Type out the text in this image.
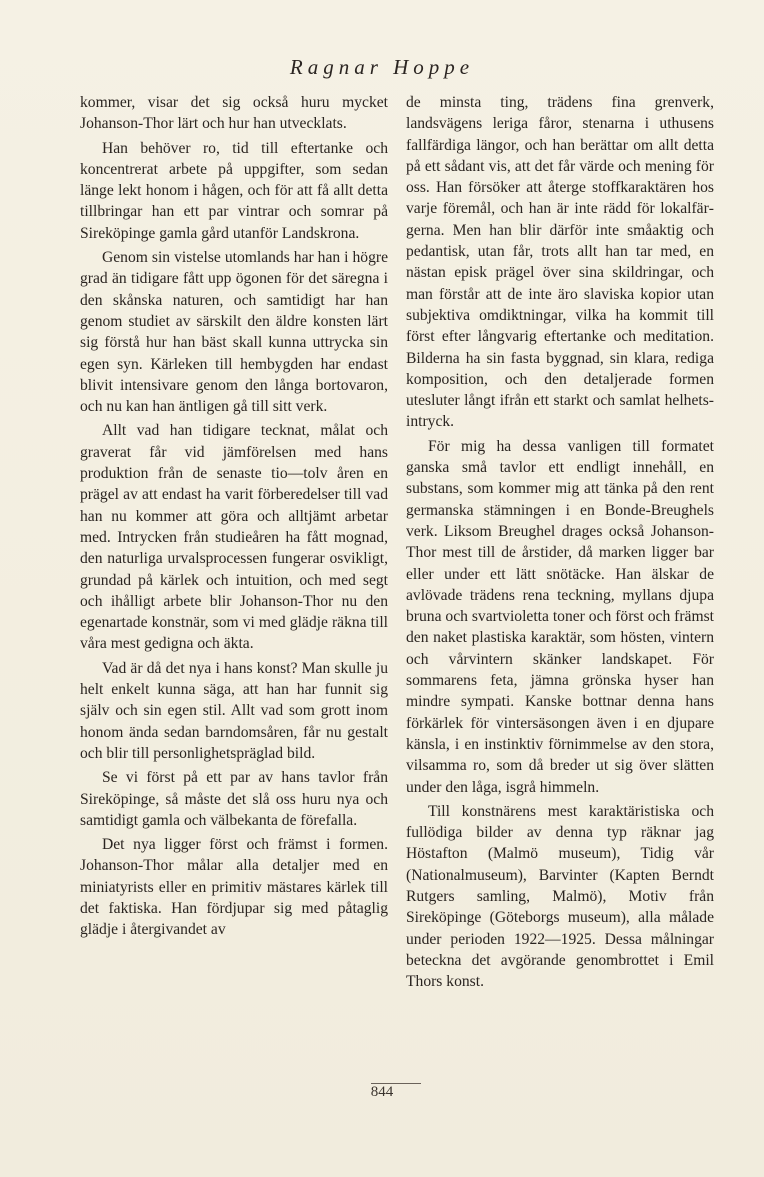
Ragnar Hoppe

kommer, visar det sig också huru mycket Johanson-Thor lärt och hur han utvecklats.

Han behöver ro, tid till eftertanke och koncentrerat arbete på uppgifter, som sedan länge lekt honom i hågen, och för att få allt detta tillbringar han ett par vintrar och somrar på Sireköpinge gamla gård utanför Landskrona.

Genom sin vistelse utomlands har han i högre grad än tidigare fått upp ögonen för det säregna i den skånska naturen, och samtidigt har han genom studiet av särskilt den äldre konsten lärt sig förstå hur han bäst skall kunna uttrycka sin egen syn. Kärleken till hembygden har endast blivit intensivare genom den långa bortovaron, och nu kan han äntligen gå till sitt verk.

Allt vad han tidigare tecknat, målat och graverat får vid jämförelsen med hans produktion från de senaste tio—tolv åren en prägel av att endast ha varit förberedelser till vad han nu kommer att göra och alltjämt arbetar med. Intrycken från studieåren ha fått mognad, den naturliga urvalsprocessen fungerar osvikligt, grundad på kärlek och intuition, och med segt och ihålligt arbete blir Johanson-Thor nu den egenartade konstnär, som vi med glädje räkna till våra mest gedigna och äkta.

Vad är då det nya i hans konst? Man skulle ju helt enkelt kunna säga, att han har funnit sig själv och sin egen stil. Allt vad som grott inom honom ända sedan barndomsåren, får nu gestalt och blir till personlighetspräglad bild.

Se vi först på ett par av hans tavlor från Sireköpinge, så måste det slå oss huru nya och samtidigt gamla och välbekanta de förefalla.

Det nya ligger först och främst i formen. Johanson-Thor målar alla detaljer med en miniatyrists eller en primitiv mästares kärlek till det faktiska. Han fördjupar sig med påtaglig glädje i återgivandet av

de minsta ting, trädens fina grenverk, landsvägens leriga fåror, stenarna i uthusens fallfärdiga längor, och han berättar om allt detta på ett sådant vis, att det får värde och mening för oss. Han försöker att återge stoffkaraktären hos varje föremål, och han är inte rädd för lokalfärgerna. Men han blir därför inte småaktig och pedantisk, utan får, trots allt han tar med, en nästan episk prägel över sina skildringar, och man förstår att de inte äro slaviska kopior utan subjektiva omdiktningar, vilka ha kommit till först efter långvarig eftertanke och meditation. Bilderna ha sin fasta byggnad, sin klara, rediga komposition, och den detaljerade formen utesluter långt ifrån ett starkt och samlat helhetsintryck.

För mig ha dessa vanligen till formatet ganska små tavlor ett endligt innehåll, en substans, som kommer mig att tänka på den rent germanska stämningen i en Bonde-Breughels verk. Liksom Breughel drages också Johanson-Thor mest till de årstider, då marken ligger bar eller under ett lätt snötäcke. Han älskar de avlövade trädens rena teckning, myllans djupa bruna och svartvioletta toner och först och främst den naket plastiska karaktär, som hösten, vintern och vårvintern skänker landskapet. För sommarens feta, jämna grönska hyser han mindre sympati. Kanske bottnar denna hans förkärlek för vintersäsongen även i en djupare känsla, i en instinktiv förnimmelse av den stora, vilsamma ro, som då breder ut sig över slätten under den låga, isgrå himmeln.

Till konstnärens mest karaktäristiska och fullödiga bilder av denna typ räknar jag Höstafton (Malmö museum), Tidig vår (Nationalmuseum), Barvinter (Kapten Berndt Rutgers samling, Malmö), Motiv från Sireköpinge (Göteborgs museum), alla målade under perioden 1922—1925. Dessa målningar beteckna det avgörande genombrottet i Emil Thors konst.

844
